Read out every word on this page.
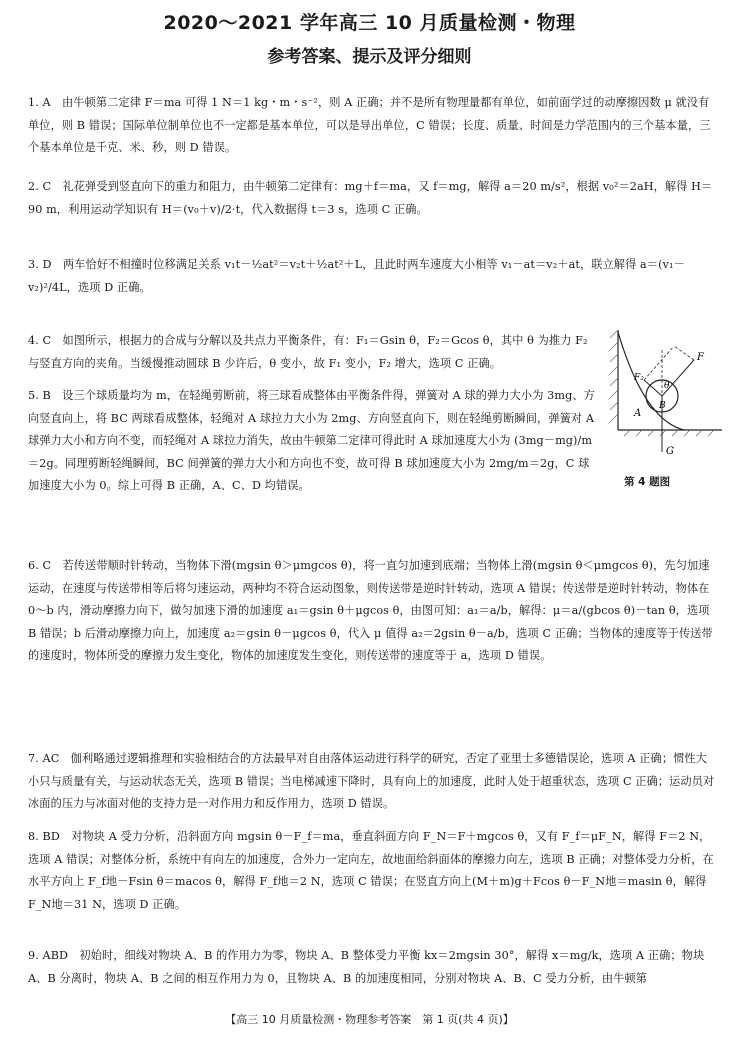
2020～2021 学年高三 10 月质量检测・物理
参考答案、提示及评分细则
1. A　由牛顿第二定律 F＝ma 可得 1 N＝1 kg・m・s⁻²，则 A 正确；并不是所有物理量都有单位，如前面学过的动摩擦因数 μ 就没有单位，则 B 错误；国际单位制单位也不一定都是基本单位，可以是导出单位，C 错误；长度、质量、时间是力学范围内的三个基本量，三个基本单位是千克、米、秒，则 D 错误。
2. C　礼花弹受到竖直向下的重力和阻力，由牛顿第二定律有：mg＋f＝ma，又 f＝mg，解得 a＝20 m/s²，根据 v₀²＝2aH，解得 H＝90 m，利用运动学知识有 H＝(v₀＋v)/2·t，代入数据得 t＝3 s，选项 C 正确。
3. D　两车恰好不相撞时位移满足关系 v₁t－½at²＝v₂t＋½at²＋L，且此时两车速度大小相等 v₁－at＝v₂＋at，联立解得 a＝(v₁－v₂)²/4L，选项 D 正确。
4. C　如图所示，根据力的合成与分解以及共点力平衡条件，有：F₁＝Gsin θ，F₂＝Gcos θ，其中 θ 为推力 F₂ 与竖直方向的夹角。当缓慢推动圆球 B 少许后，θ 变小，故 F₁ 变小，F₂ 增大，选项 C 正确。
5. B　设三个球质量均为 m，在轻绳剪断前，将三球看成整体由平衡条件得，弹簧对 A 球的弹力大小为 3mg、方向竖直向上，将 BC 两球看成整体，轻绳对 A 球拉力大小为 2mg、方向竖直向下，则在轻绳剪断瞬间，弹簧对 A 球弹力大小和方向不变，而轻绳对 A 球拉力消失，故由牛顿第二定律可得此时 A 球加速度大小为 (3mg－mg)/m＝2g。同理剪断轻绳瞬间，BC 间弹簧的弹力大小和方向也不变，故可得 B 球加速度大小为 2mg/m＝2g，C 球加速度大小为 0。综上可得 B 正确，A、C、D 均错误。
6. C　若传送带顺时针转动，当物体下滑(mgsin θ＞μmgcos θ)，将一直匀加速到底端；当物体上滑(mgsin θ＜μmgcos θ)，先匀加速运动，在速度与传送带相等后将匀速运动，两种均不符合运动图象，则传送带是逆时针转动，选项 A 错误；传送带是逆时针转动，物体在 0～b 内，滑动摩擦力向下，做匀加速下滑的加速度 a₁＝gsin θ＋μgcos θ，由图可知：a₁＝a/b，解得：μ＝a/(gbcos θ)－tan θ，选项 B 错误；b 后滑动摩擦力向上，加速度 a₂＝gsin θ－μgcos θ，代入 μ 值得 a₂＝2gsin θ－a/b，选项 C 正确；当物体的速度等于传送带的速度时，物体所受的摩擦力发生变化，物体的加速度发生变化，则传送带的速度等于 a，选项 D 错误。
7. AC　伽利略通过逻辑推理和实验相结合的方法最早对自由落体运动进行科学的研究，否定了亚里士多德错误论，选项 A 正确；惯性大小只与质量有关，与运动状态无关，选项 B 错误；当电梯减速下降时，具有向上的加速度，此时人处于超重状态，选项 C 正确；运动员对冰面的压力与冰面对他的支持力是一对作用力和反作用力，选项 D 错误。
8. BD　对物块 A 受力分析，沿斜面方向 mgsin θ－F_f＝ma，垂直斜面方向 F_N＝F＋mgcos θ，又有 F_f＝μF_N，解得 F＝2 N，选项 A 错误；对整体分析，系统中有向左的加速度，合外力一定向左，故地面给斜面体的摩擦力向左，选项 B 正确；对整体受力分析，在水平方向上 F_f地－Fsin θ＝macos θ，解得 F_f地＝2 N，选项 C 错误；在竖直方向上(M＋m)g＋Fcos θ－F_N地＝masin θ，解得 F_N地＝31 N，选项 D 正确。
9. ABD　初始时，细线对物块 A、B 的作用力为零，物块 A、B 整体受力平衡 kx＝2mgsin 30°，解得 x＝mg/k，选项 A 正确；物块 A、B 分离时，物块 A、B 之间的相互作用力为 0，且物块 A、B 的加速度相同，分别对物块 A、B、C 受力分析，由牛顿第
F
F₂
θ
B
A
G
第 4 题图
【高三 10 月质量检测・物理参考答案　第 1 页(共 4 页)】
